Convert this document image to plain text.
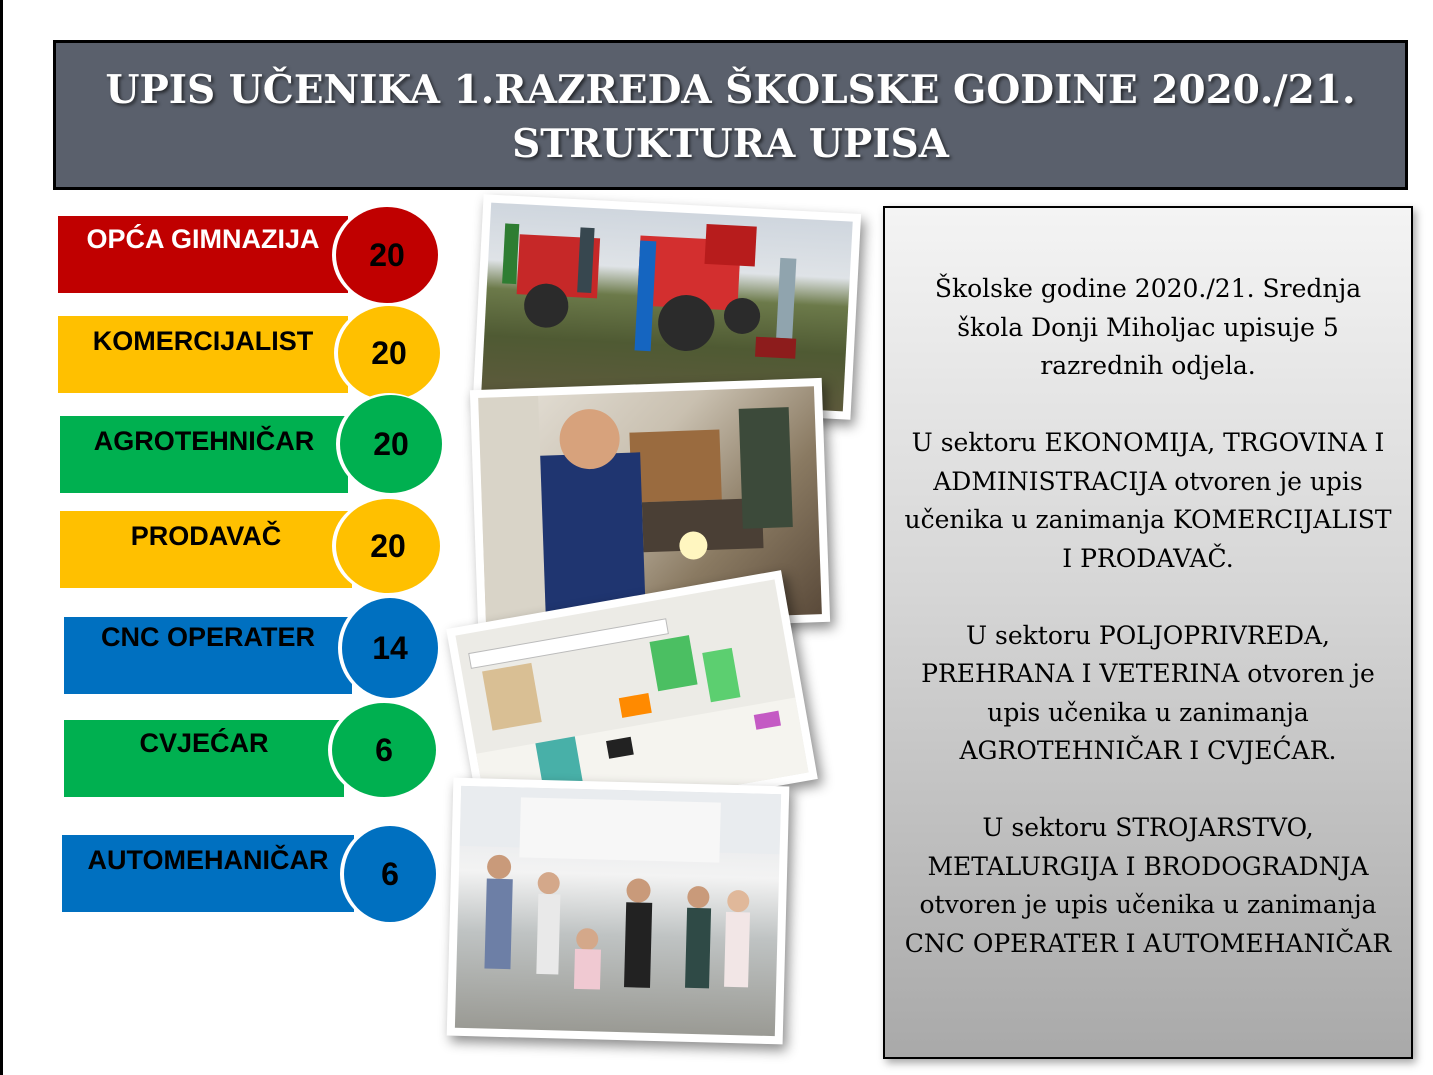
UPIS UČENIKA 1.RAZREDA ŠKOLSKE GODINE 2020./21.
STRUKTURA UPISA
OPĆA GIMNAZIJA	20
KOMERCIJALIST	20
AGROTEHNIČAR	20
PRODAVAČ	20
CNC OPERATER	14
CVJEĆAR	6
AUTOMEHANIČAR	6

Školske godine 2020./21. Srednja škola Donji Miholjac upisuje 5 razrednih odjela.

U sektoru EKONOMIJA, TRGOVINA I ADMINISTRACIJA otvoren je upis učenika u zanimanja KOMERCIJALIST I PRODAVAČ.

U sektoru POLJOPRIVREDA, PREHRANA I VETERINA otvoren je upis učenika u zanimanja AGROTEHNIČAR I CVJEĆAR.

U sektoru STROJARSTVO, METALURGIJA I BRODOGRADNJA otvoren je upis učenika u zanimanja CNC OPERATER I AUTOMEHANIČAR
